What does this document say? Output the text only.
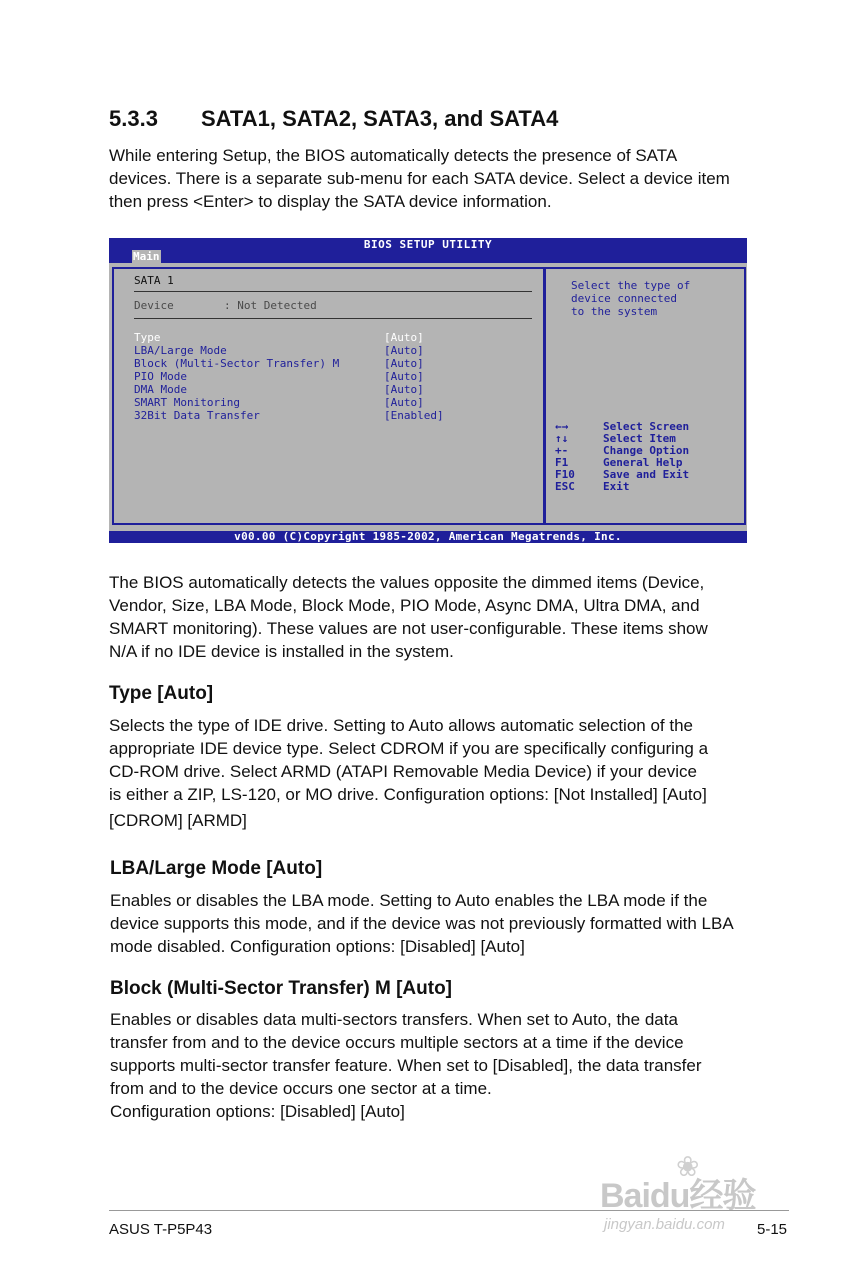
5.3.3 SATA1, SATA2, SATA3, and SATA4
While entering Setup, the BIOS automatically detects the presence of SATA
devices. There is a separate sub-menu for each SATA device. Select a device item
then press <Enter> to display the SATA device information.
BIOS SETUP UTILITY
Main
SATA 1
Device	: Not Detected
Type	[Auto]
LBA/Large Mode	[Auto]
Block (Multi-Sector Transfer) M	[Auto]
PIO Mode	[Auto]
DMA Mode	[Auto]
SMART Monitoring	[Auto]
32Bit Data Transfer	[Enabled]
Select the type of
device connected
to the system
←→	Select Screen
↑↓	Select Item
+-	Change Option
F1	General Help
F10	Save and Exit
ESC	Exit
v00.00 (C)Copyright 1985-2002, American Megatrends, Inc.
The BIOS automatically detects the values opposite the dimmed items (Device,
Vendor, Size, LBA Mode, Block Mode, PIO Mode, Async DMA, Ultra DMA, and
SMART monitoring). These values are not user-configurable. These items show
N/A if no IDE device is installed in the system.
Type [Auto]
Selects the type of IDE drive. Setting to Auto allows automatic selection of the
appropriate IDE device type. Select CDROM if you are specifically configuring a
CD-ROM drive. Select ARMD (ATAPI Removable Media Device) if your device
is either a ZIP, LS-120, or MO drive. Configuration options: [Not Installed] [Auto]
[CDROM] [ARMD]
LBA/Large Mode [Auto]
Enables or disables the LBA mode. Setting to Auto enables the LBA mode if the
device supports this mode, and if the device was not previously formatted with LBA
mode disabled. Configuration options: [Disabled] [Auto]
Block (Multi-Sector Transfer) M [Auto]
Enables or disables data multi-sectors transfers. When set to Auto, the data
transfer from and to the device occurs multiple sectors at a time if the device
supports multi-sector transfer feature. When set to [Disabled], the data transfer
from and to the device occurs one sector at a time.
Configuration options: [Disabled] [Auto]
❀
Baidu经验
jingyan.baidu.com
ASUS T-P5P43	5-15
